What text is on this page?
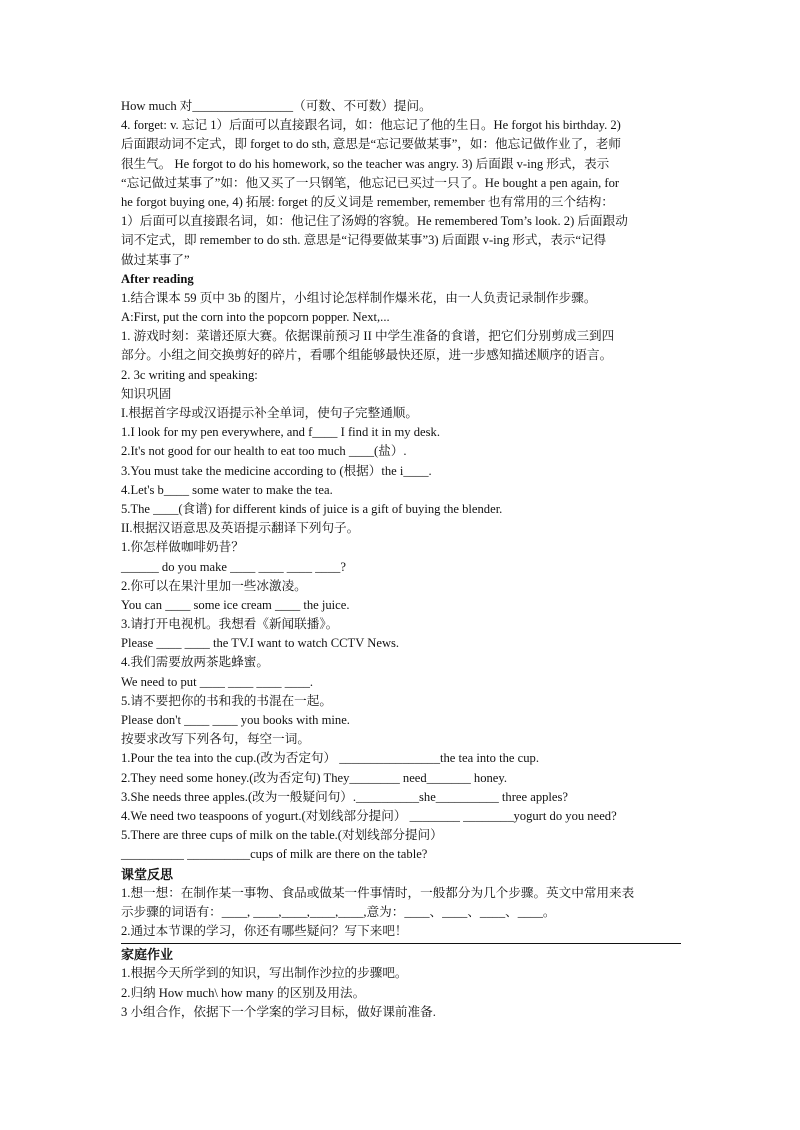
How much 对________________（可数、不可数）提问。
4. forget: v. 忘记 1）后面可以直接跟名词，如：他忘记了他的生日。He forgot his birthday. 2)
后面跟动词不定式，即 forget to do sth, 意思是“忘记要做某事”，如：他忘记做作业了，老师
很生气。 He forgot to do his homework, so the teacher was angry. 3) 后面跟 v-ing 形式，表示
“忘记做过某事了”如：他又买了一只钢笔，他忘记已买过一只了。He bought a pen again, for
he forgot buying one, 4) 拓展: forget 的反义词是 remember, remember 也有常用的三个结构：
1）后面可以直接跟名词，如：他记住了汤姆的容貌。He remembered Tom’s look. 2) 后面跟动
词不定式，即 remember to do sth. 意思是“记得要做某事”3) 后面跟 v-ing 形式，表示“记得
做过某事了”
After reading
1.结合课本 59 页中 3b 的图片，小组讨论怎样制作爆米花，由一人负责记录制作步骤。
A:First, put the corn into the popcorn popper. Next,...
1. 游戏时刻：菜谱还原大赛。依据课前预习 II 中学生准备的食谱，把它们分别剪成三到四
部分。小组之间交换剪好的碎片，看哪个组能够最快还原，进一步感知描述顺序的语言。
2. 3c writing and speaking:
知识巩固
I.根据首字母或汉语提示补全单词，使句子完整通顺。
1.I look for my pen everywhere, and f____ I find it in my desk.
2.It's not good for our health to eat too much ____(盐）.
3.You must take the medicine according to (根据）the i____.
4.Let's b____ some water to make the tea.
5.The ____(食谱) for different kinds of juice is a gift of buying the blender.
II.根据汉语意思及英语提示翻译下列句子。
1.你怎样做咖啡奶昔？
______ do you make ____ ____ ____ ____?
2.你可以在果汁里加一些冰激凌。
You can ____ some ice cream ____ the juice.
3.请打开电视机。我想看《新闻联播》。
Please ____ ____ the TV.I want to watch CCTV News.
4.我们需要放两茶匙蜂蜜。
We need to put ____ ____ ____ ____.
5.请不要把你的书和我的书混在一起。
Please don't ____ ____ you books with mine.
按要求改写下列各句，每空一词。
1.Pour the tea into the cup.(改为否定句） ________________the tea into the cup.
2.They need some honey.(改为否定句) They________ need_______ honey.
3.She needs three apples.(改为一般疑问句）.__________she__________ three apples?
4.We need two teaspoons of yogurt.(对划线部分提问） ________ ________yogurt do you need?
5.There are three cups of milk on the table.(对划线部分提问）
__________ __________cups of milk are there on the table?
课堂反思
1.想一想：在制作某一事物、食品或做某一件事情时，一般都分为几个步骤。英文中常用来表
示步骤的词语有：____, ____,____,____,____,意为：____、____、____、____。
2.通过本节课的学习，你还有哪些疑问？写下来吧！
家庭作业
1.根据今天所学到的知识，写出制作沙拉的步骤吧。
2.归纳 How much\ how many 的区别及用法。
3 小组合作，依据下一个学案的学习目标，做好课前准备.
